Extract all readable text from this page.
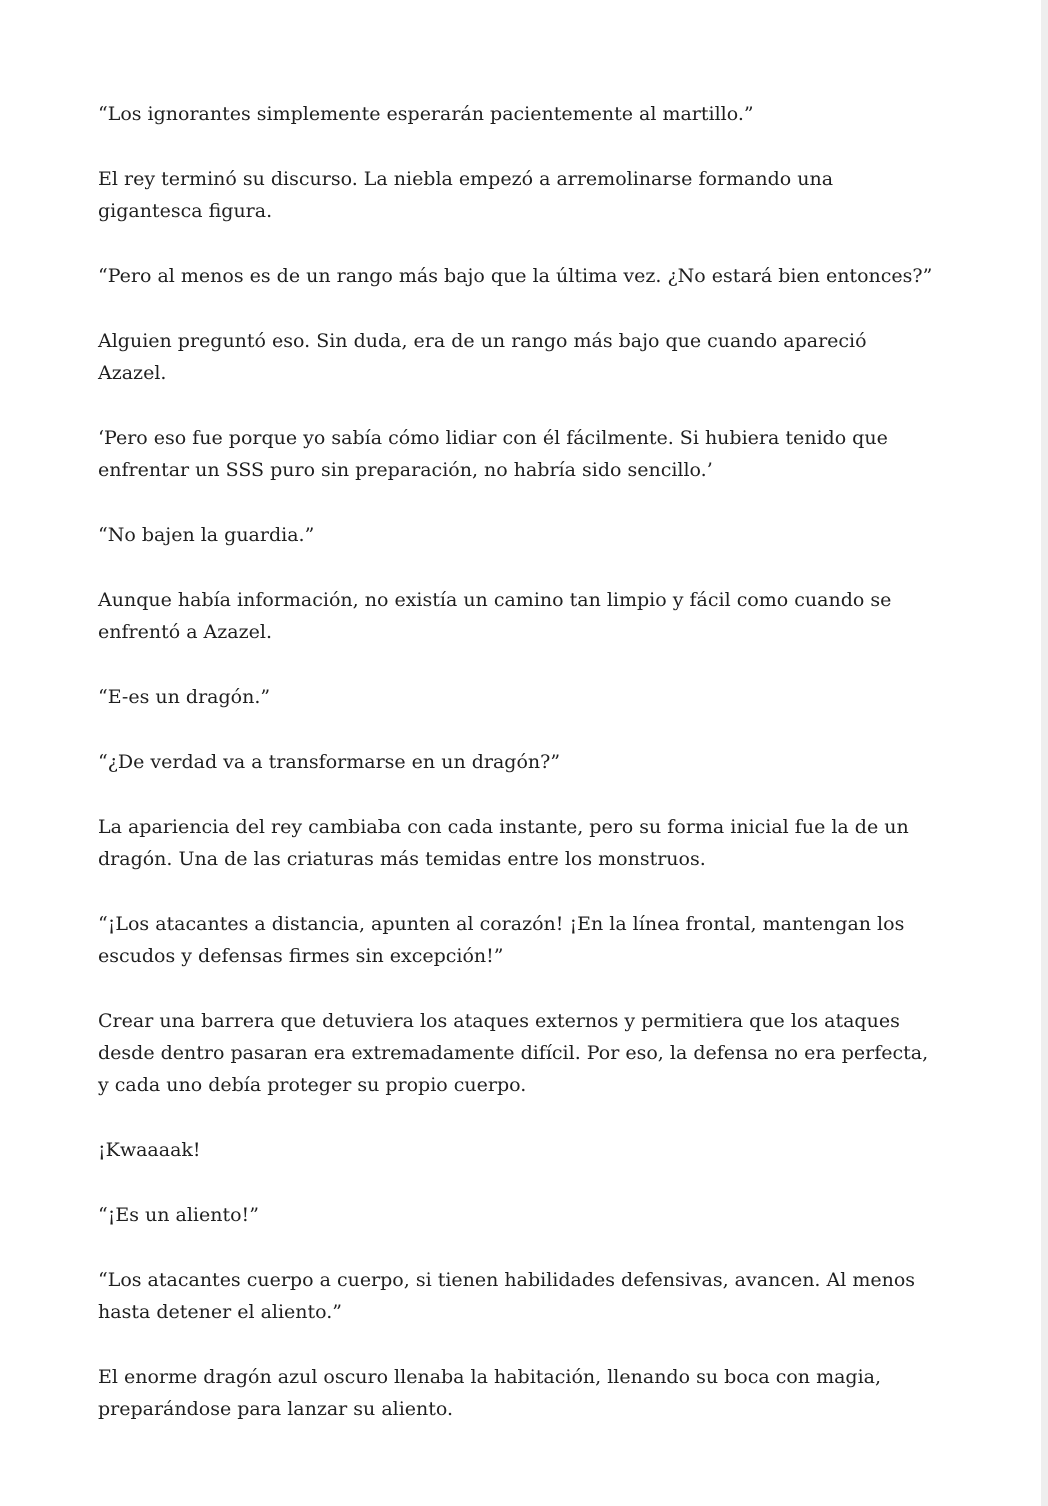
“Los ignorantes simplemente esperarán pacientemente al martillo.”

El rey terminó su discurso. La niebla empezó a arremolinarse formando una gigantesca figura.

“Pero al menos es de un rango más bajo que la última vez. ¿No estará bien entonces?”

Alguien preguntó eso. Sin duda, era de un rango más bajo que cuando apareció Azazel.

‘Pero eso fue porque yo sabía cómo lidiar con él fácilmente. Si hubiera tenido que enfrentar un SSS puro sin preparación, no habría sido sencillo.’

“No bajen la guardia.”

Aunque había información, no existía un camino tan limpio y fácil como cuando se enfrentó a Azazel.

“E-es un dragón.”

“¿De verdad va a transformarse en un dragón?”

La apariencia del rey cambiaba con cada instante, pero su forma inicial fue la de un dragón. Una de las criaturas más temidas entre los monstruos.

“¡Los atacantes a distancia, apunten al corazón! ¡En la línea frontal, mantengan los escudos y defensas firmes sin excepción!”

Crear una barrera que detuviera los ataques externos y permitiera que los ataques desde dentro pasaran era extremadamente difícil. Por eso, la defensa no era perfecta, y cada uno debía proteger su propio cuerpo.

¡Kwaaaak!

“¡Es un aliento!”

“Los atacantes cuerpo a cuerpo, si tienen habilidades defensivas, avancen. Al menos hasta detener el aliento.”

El enorme dragón azul oscuro llenaba la habitación, llenando su boca con magia, preparándose para lanzar su aliento.
